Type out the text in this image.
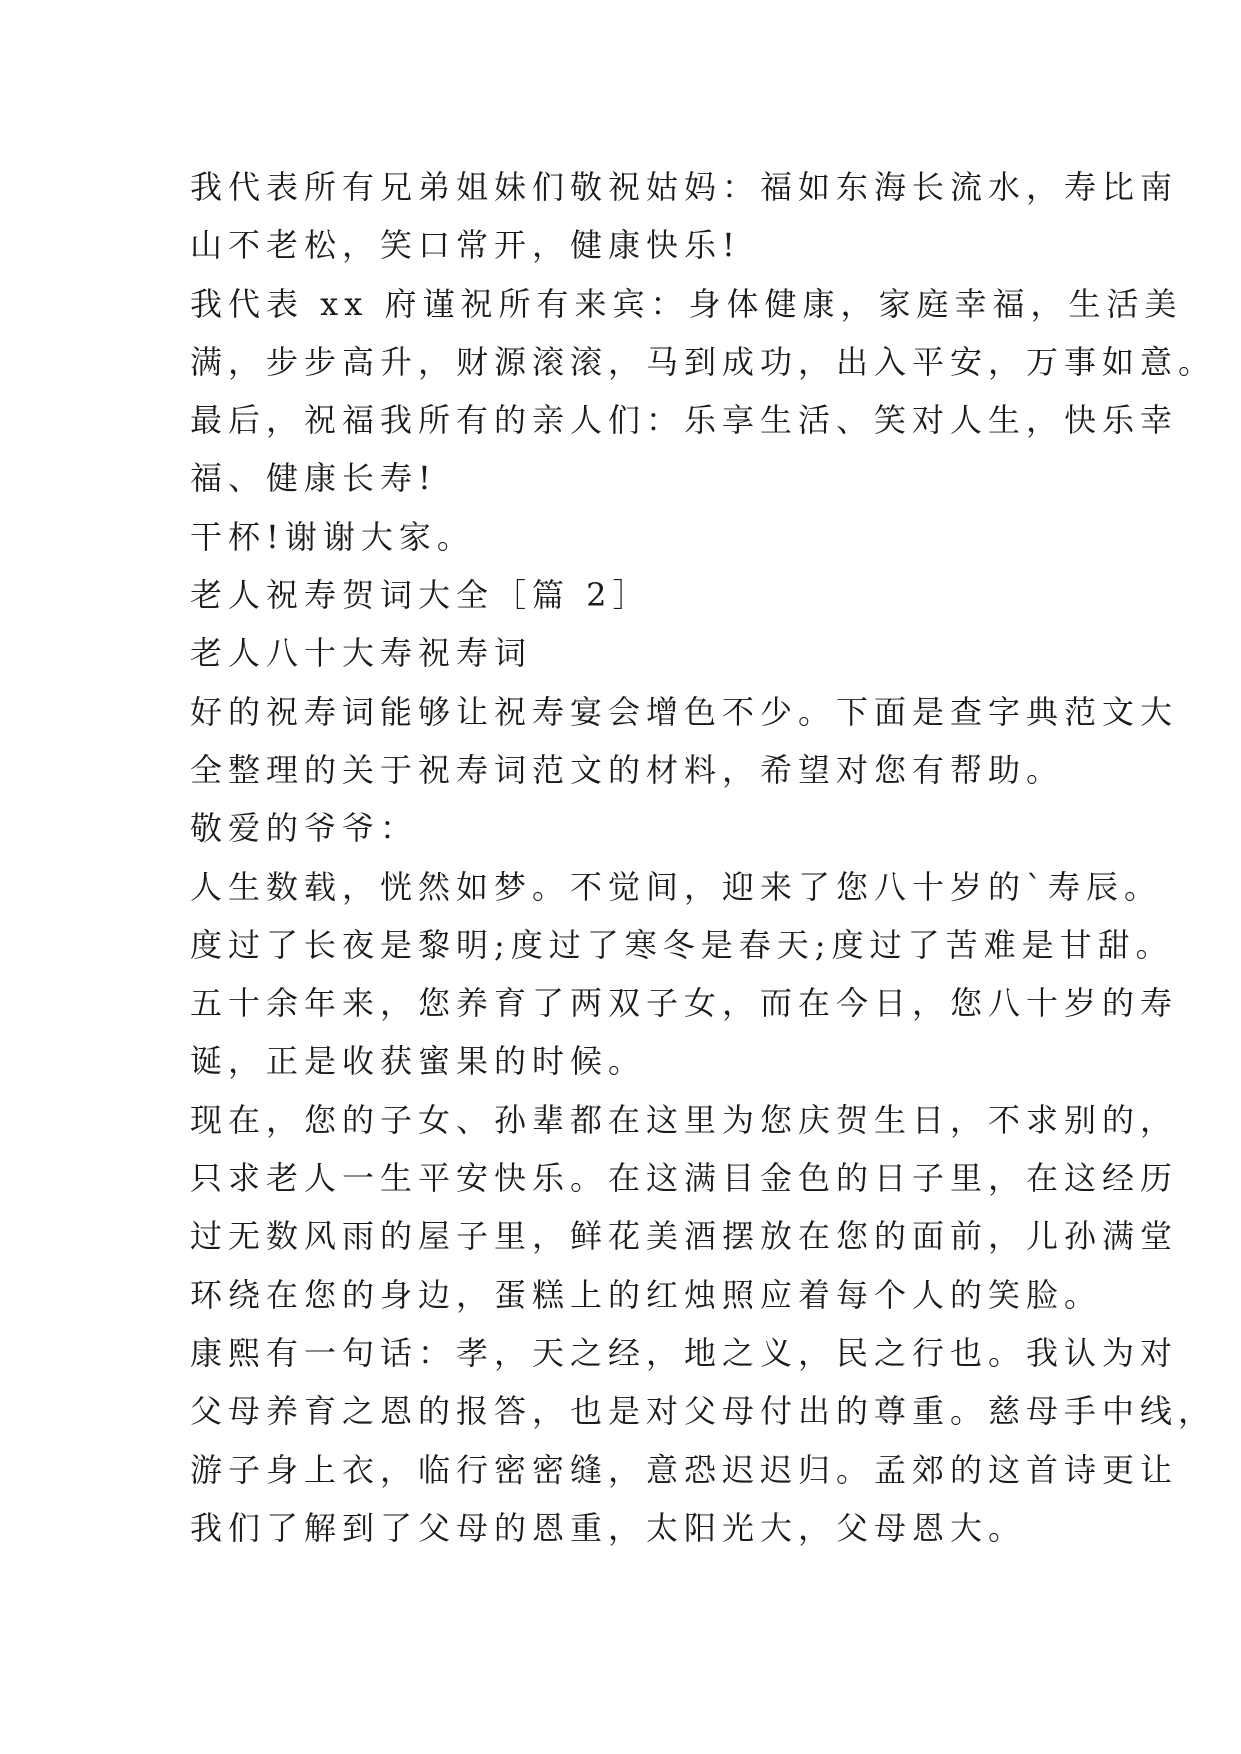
我代表所有兄弟姐妹们敬祝姑妈：福如东海长流水，寿比南
山不老松，笑口常开，健康快乐!
我代表 xx 府谨祝所有来宾：身体健康，家庭幸福，生活美
满，步步高升，财源滚滚，马到成功，出入平安，万事如意。
最后，祝福我所有的亲人们：乐享生活、笑对人生，快乐幸
福、健康长寿!
干杯!谢谢大家。
老人祝寿贺词大全［篇 2］
老人八十大寿祝寿词
好的祝寿词能够让祝寿宴会增色不少。下面是查字典范文大
全整理的关于祝寿词范文的材料，希望对您有帮助。
敬爱的爷爷：
人生数载，恍然如梦。不觉间，迎来了您八十岁的`寿辰。
度过了长夜是黎明;度过了寒冬是春天;度过了苦难是甘甜。
五十余年来，您养育了两双子女，而在今日，您八十岁的寿
诞，正是收获蜜果的时候。
现在，您的子女、孙辈都在这里为您庆贺生日，不求别的，
只求老人一生平安快乐。在这满目金色的日子里，在这经历
过无数风雨的屋子里，鲜花美酒摆放在您的面前，儿孙满堂
环绕在您的身边，蛋糕上的红烛照应着每个人的笑脸。
康熙有一句话：孝，天之经，地之义，民之行也。我认为对
父母养育之恩的报答，也是对父母付出的尊重。慈母手中线，
游子身上衣，临行密密缝，意恐迟迟归。孟郊的这首诗更让
我们了解到了父母的恩重，太阳光大，父母恩大。
